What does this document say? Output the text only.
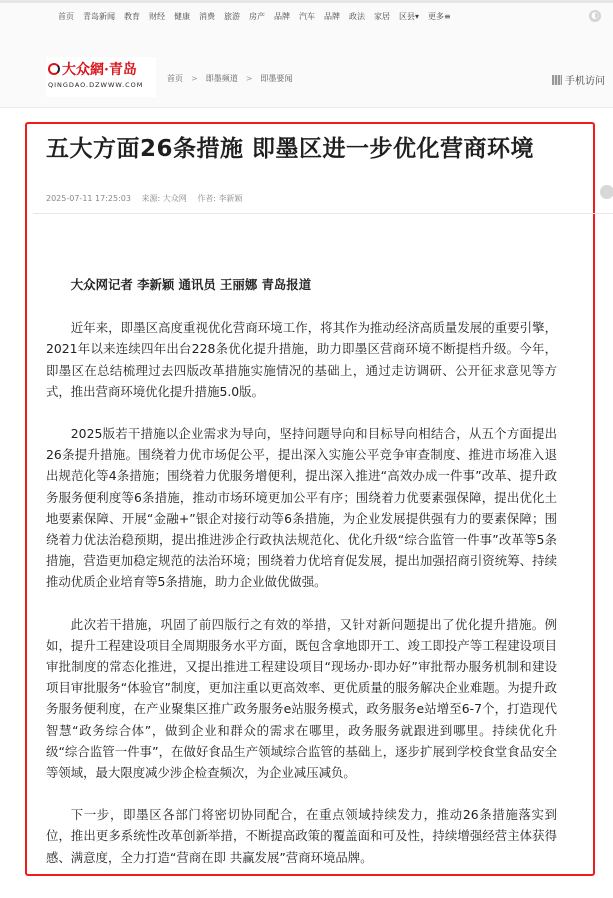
首页 青岛新闻 教育 财经 健康 消费 旅游 房产 品牌 汽车 品牌 政法 家居 区县▾ 更多≡	◐
大众網·青岛
QINGDAO.DZWWW.COM
首页 > 即墨频道 > 即墨要闻	手机访问
五大方面26条措施 即墨区进一步优化营商环境
2025-07-11 17:25:03 来源: 大众网 作者: 李新颖

大众网记者 李新颖 通讯员 王丽娜 青岛报道

近年来，即墨区高度重视优化营商环境工作，将其作为推动经济高质量发展的重要引擎，2021年以来连续四年出台228条优化提升措施，助力即墨区营商环境不断提档升级。今年，即墨区在总结梳理过去四版改革措施实施情况的基础上，通过走访调研、公开征求意见等方式，推出营商环境优化提升措施5.0版。

2025版若干措施以企业需求为导向，坚持问题导向和目标导向相结合，从五个方面提出26条提升措施。围绕着力优市场促公平，提出深入实施公平竞争审查制度、推进市场准入退出规范化等4条措施；围绕着力优服务增便利，提出深入推进“高效办成一件事”改革、提升政务服务便利度等6条措施，推动市场环境更加公平有序；围绕着力优要素强保障，提出优化土地要素保障、开展“金融+”银企对接行动等6条措施，为企业发展提供强有力的要素保障；围绕着力优法治稳预期，提出推进涉企行政执法规范化、优化升级“综合监管一件事”改革等5条措施，营造更加稳定规范的法治环境；围绕着力优培育促发展，提出加强招商引资统筹、持续推动优质企业培育等5条措施，助力企业做优做强。

此次若干措施，巩固了前四版行之有效的举措，又针对新问题提出了优化提升措施。例如，提升工程建设项目全周期服务水平方面，既包含拿地即开工、竣工即投产等工程建设项目审批制度的常态化推进，又提出推进工程建设项目“现场办·即办好”审批帮办服务机制和建设项目审批服务“体验官”制度，更加注重以更高效率、更优质量的服务解决企业难题。为提升政务服务便利度，在产业聚集区推广政务服务e站服务模式，政务服务e站增至6-7个，打造现代智慧“政务综合体”，做到企业和群众的需求在哪里，政务服务就跟进到哪里。持续优化升级“综合监管一件事”，在做好食品生产领域综合监管的基础上，逐步扩展到学校食堂食品安全等领域，最大限度减少涉企检查频次，为企业减压减负。

下一步，即墨区各部门将密切协同配合，在重点领域持续发力，推动26条措施落实到位，推出更多系统性改革创新举措，不断提高政策的覆盖面和可及性，持续增强经营主体获得感、满意度，全力打造“营商在即 共赢发展”营商环境品牌。
